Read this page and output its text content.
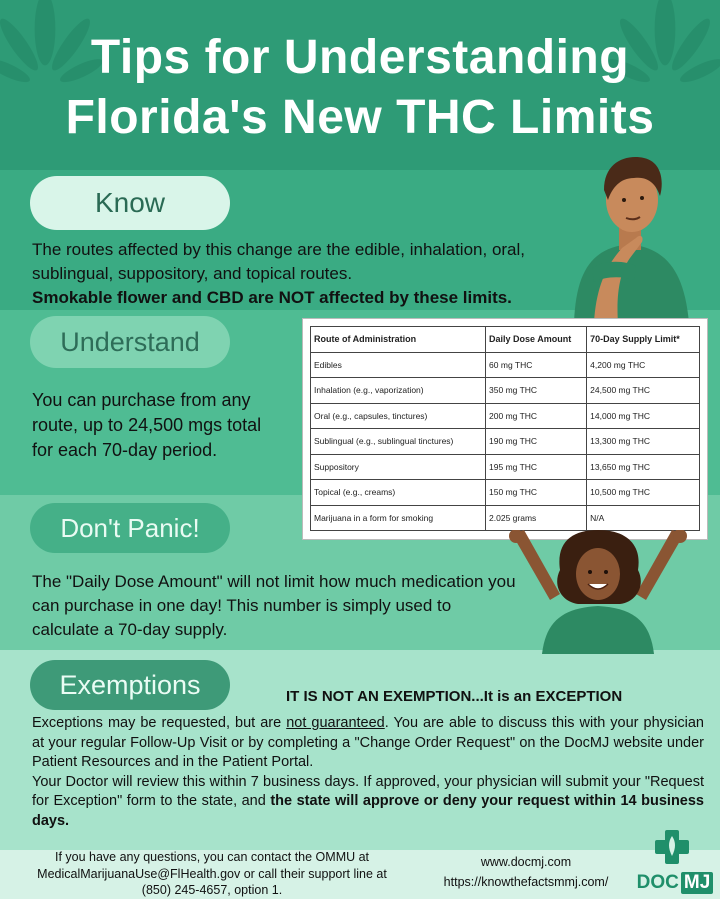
Tips for Understanding
Florida's New THC Limits
Know
The routes affected by this change are the edible, inhalation, oral, sublingual, suppository, and topical routes.
Smokable flower and CBD are NOT affected by these limits.
Understand
You can purchase from any route, up to 24,500 mgs total for each 70-day period.
Route of Administration	Daily Dose Amount	70-Day Supply Limit*
Edibles	60 mg THC	4,200 mg THC
Inhalation (e.g., vaporization)	350 mg THC	24,500 mg THC
Oral (e.g., capsules, tinctures)	200 mg THC	14,000 mg THC
Sublingual (e.g., sublingual tinctures)	190 mg THC	13,300 mg THC
Suppository	195 mg THC	13,650 mg THC
Topical (e.g., creams)	150 mg THC	10,500 mg THC
Marijuana in a form for smoking	2.025 grams	N/A
Don't Panic!
The "Daily Dose Amount" will not limit how much medication you can purchase in one day! This number is simply used to calculate a 70-day supply.
Exemptions	IT IS NOT AN EXEMPTION...It is an EXCEPTION
Exceptions may be requested, but are not guaranteed. You are able to discuss this with your physician at your regular Follow-Up Visit or by completing a "Change Order Request" on the DocMJ website under Patient Resources and in the Patient Portal.
Your Doctor will review this within 7 business days. If approved, your physician will submit your "Request for Exception" form to the state, and the state will approve or deny your request within 14 business days.
If you have any questions, you can contact the OMMU at
MedicalMarijuanaUse@FlHealth.gov or call their support line at
(850) 245-4657, option 1.
www.docmj.com
https://knowthefactsmmj.com/	DOC MJ
